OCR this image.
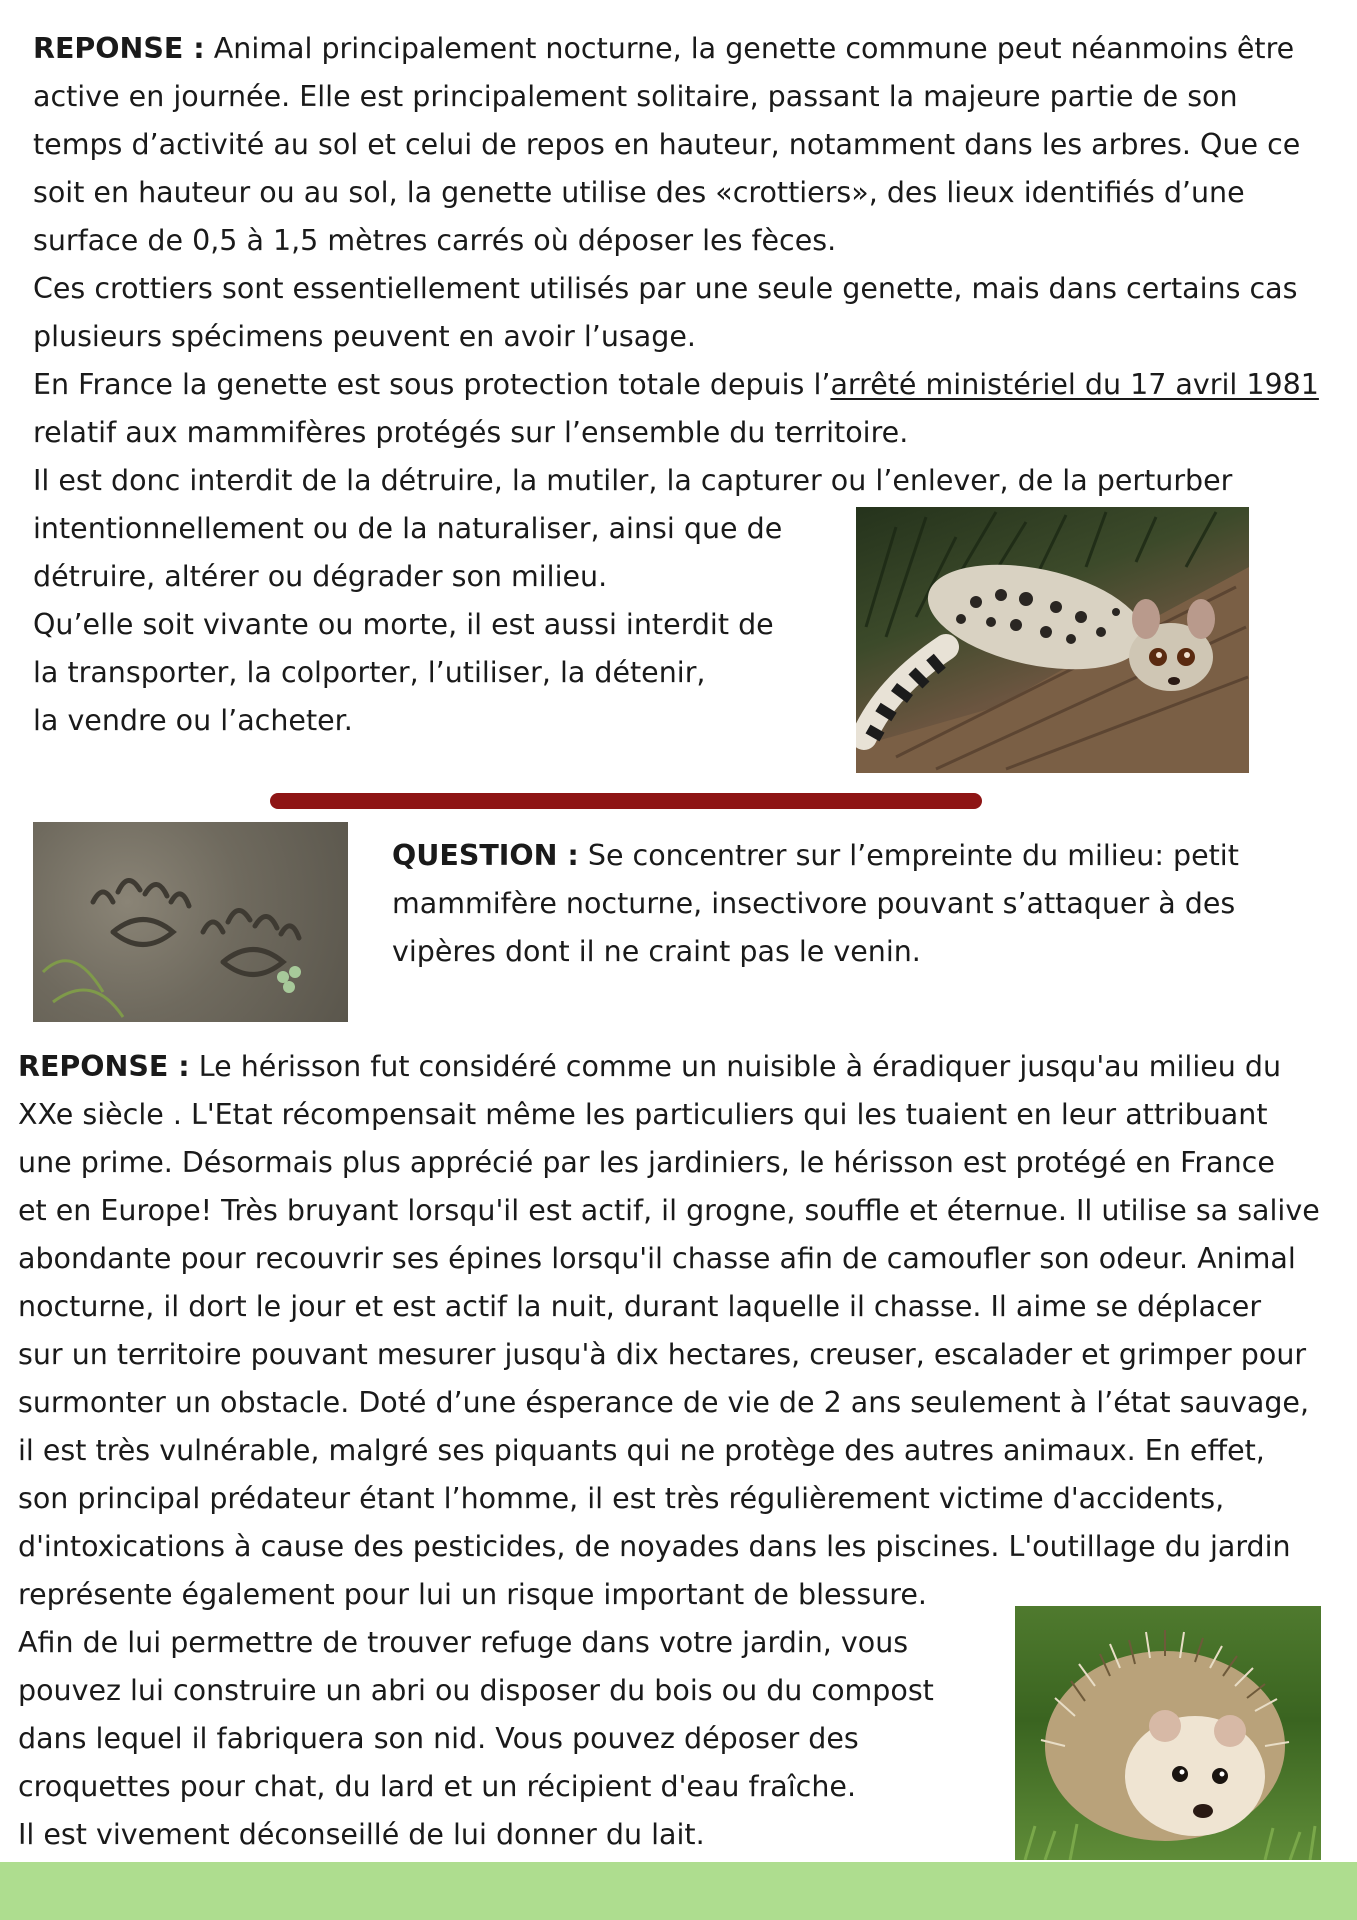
REPONSE : Animal principalement nocturne, la genette commune peut néanmoins être
active en journée. Elle est principalement solitaire, passant la majeure partie de son
temps d’activité au sol et celui de repos en hauteur, notamment dans les arbres. Que ce
soit en hauteur ou au sol, la genette utilise des «crottiers», des lieux identifiés d’une
surface de 0,5 à 1,5 mètres carrés où déposer les fèces.
Ces crottiers sont essentiellement utilisés par une seule genette, mais dans certains cas
plusieurs spécimens peuvent en avoir l’usage.
En France la genette est sous protection totale depuis l’arrêté ministériel du 17 avril 1981
relatif aux mammifères protégés sur l’ensemble du territoire.
Il est donc interdit de la détruire, la mutiler, la capturer ou l’enlever, de la perturber
intentionnellement ou de la naturaliser, ainsi que de
détruire, altérer ou dégrader son milieu.
Qu’elle soit vivante ou morte, il est aussi interdit de
la transporter, la colporter, l’utiliser, la détenir,
la vendre ou l’acheter.
QUESTION : Se concentrer sur l’empreinte du milieu: petit
mammifère nocturne, insectivore pouvant s’attaquer à des
vipères dont il ne craint pas le venin.
REPONSE : Le hérisson fut considéré comme un nuisible à éradiquer jusqu'au milieu du
XXe siècle . L'Etat récompensait même les particuliers qui les tuaient en leur attribuant
une prime. Désormais plus apprécié par les jardiniers, le hérisson est protégé en France
et en Europe! Très bruyant lorsqu'il est actif, il grogne, souffle et éternue. Il utilise sa salive
abondante pour recouvrir ses épines lorsqu'il chasse afin de camoufler son odeur. Animal
nocturne, il dort le jour et est actif la nuit, durant laquelle il chasse. Il aime se déplacer
sur un territoire pouvant mesurer jusqu'à dix hectares, creuser, escalader et grimper pour
surmonter un obstacle. Doté d’une ésperance de vie de 2 ans seulement à l’état sauvage,
il est très vulnérable, malgré ses piquants qui ne protège des autres animaux. En effet,
son principal prédateur étant l’homme, il est très régulièrement victime d'accidents,
d'intoxications à cause des pesticides, de noyades dans les piscines. L'outillage du jardin
représente également pour lui un risque important de blessure.
Afin de lui permettre de trouver refuge dans votre jardin, vous
pouvez lui construire un abri ou disposer du bois ou du compost
dans lequel il fabriquera son nid. Vous pouvez déposer des
croquettes pour chat, du lard et un récipient d'eau fraîche.
Il est vivement déconseillé de lui donner du lait.
